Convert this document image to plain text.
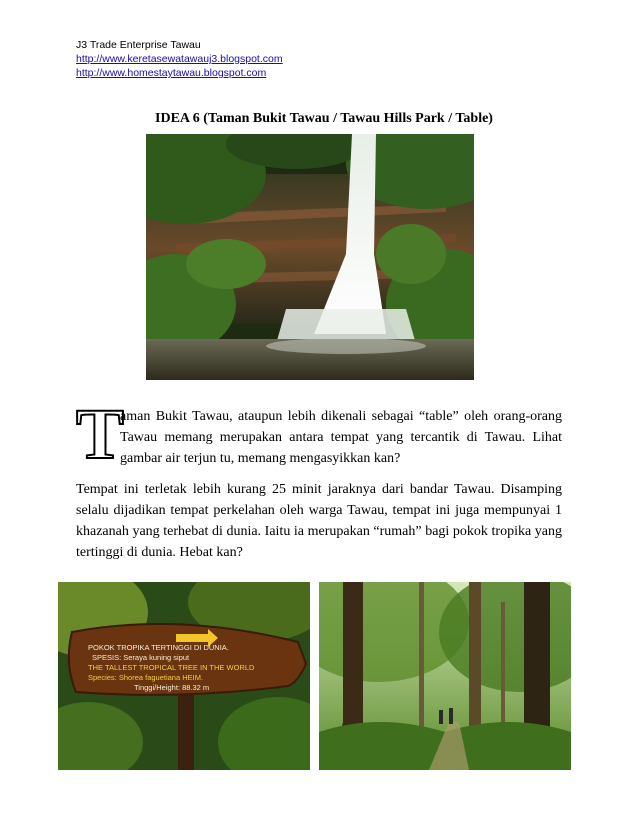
J3 Trade Enterprise Tawau
http://www.keretasewatawauj3.blogspot.com
http://www.homestaytawau.blogspot.com
IDEA 6 (Taman Bukit Tawau / Tawau Hills Park / Table)
T
aman Bukit Tawau, ataupun lebih dikenali sebagai “table” oleh orang-orang Tawau memang merupakan antara tempat yang tercantik di Tawau. Lihat gambar air terjun tu, memang mengasyikkan kan?
Tempat ini terletak lebih kurang 25 minit jaraknya dari bandar Tawau. Disamping selalu dijadikan tempat perkelahan oleh warga Tawau, tempat ini juga mempunyai 1 khazanah yang terhebat di dunia. Iaitu ia merupakan “rumah” bagi pokok tropika yang tertinggi di dunia. Hebat kan?
POKOK TROPIKA TERTINGGI DI DUNIA.
SPESIS: Seraya kuning siput
THE TALLEST TROPICAL TREE IN THE WORLD
Species: Shorea faguetiana HEIM.
Tinggi/Height: 88.32 m
